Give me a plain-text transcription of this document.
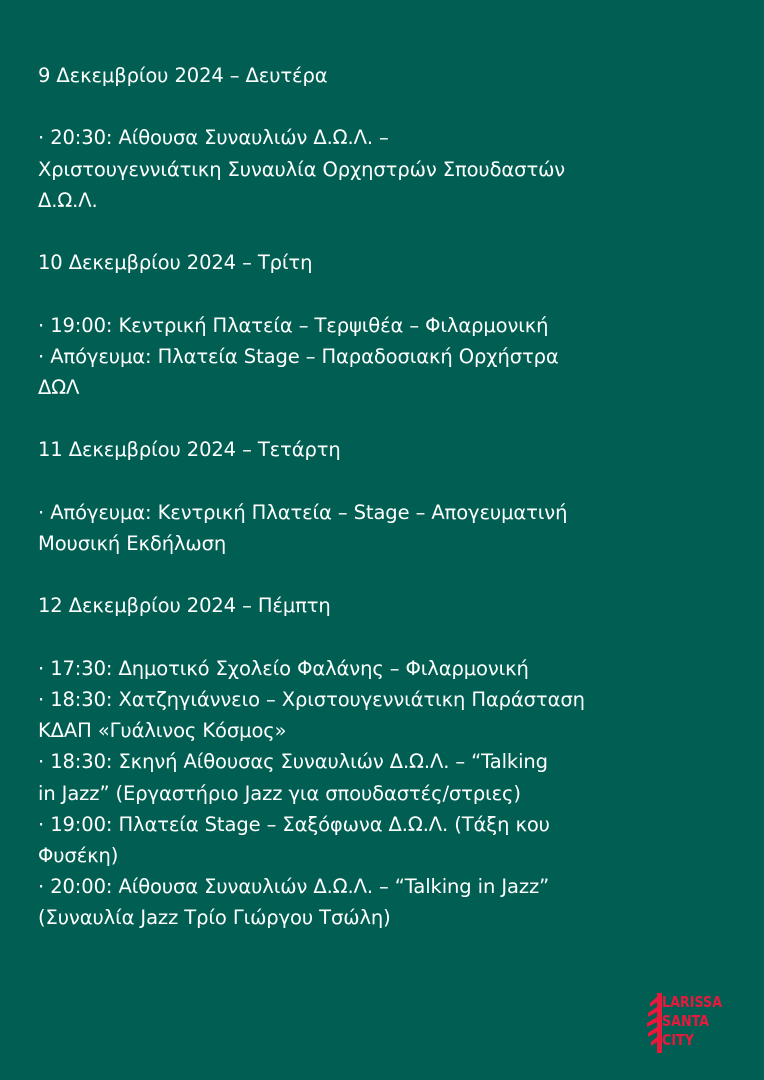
9 Δεκεμβρίου 2024 – Δευτέρα
· 20:30: Αίθουσα Συναυλιών Δ.Ω.Λ. –
Χριστουγεννιάτικη Συναυλία Ορχηστρών Σπουδαστών
Δ.Ω.Λ.
10 Δεκεμβρίου 2024 – Τρίτη
· 19:00: Κεντρική Πλατεία – Τερψιθέα – Φιλαρμονική
· Απόγευμα: Πλατεία Stage – Παραδοσιακή Ορχήστρα
ΔΩΛ
11 Δεκεμβρίου 2024 – Τετάρτη
· Απόγευμα: Κεντρική Πλατεία – Stage – Απογευματινή
Μουσική Εκδήλωση
12 Δεκεμβρίου 2024 – Πέμπτη
· 17:30: Δημοτικό Σχολείο Φαλάνης – Φιλαρμονική
· 18:30: Χατζηγιάννειο – Χριστουγεννιάτικη Παράσταση
ΚΔΑΠ «Γυάλινος Κόσμος»
· 18:30: Σκηνή Αίθουσας Συναυλιών Δ.Ω.Λ. – “Talking
in Jazz” (Εργαστήριο Jazz για σπουδαστές/στριες)
· 19:00: Πλατεία Stage – Σαξόφωνα Δ.Ω.Λ. (Τάξη κου
Φυσέκη)
· 20:00: Αίθουσα Συναυλιών Δ.Ω.Λ. – “Talking in Jazz”
(Συναυλία Jazz Τρίο Γιώργου Τσώλη)
LARISSA
SANTA
CITY
